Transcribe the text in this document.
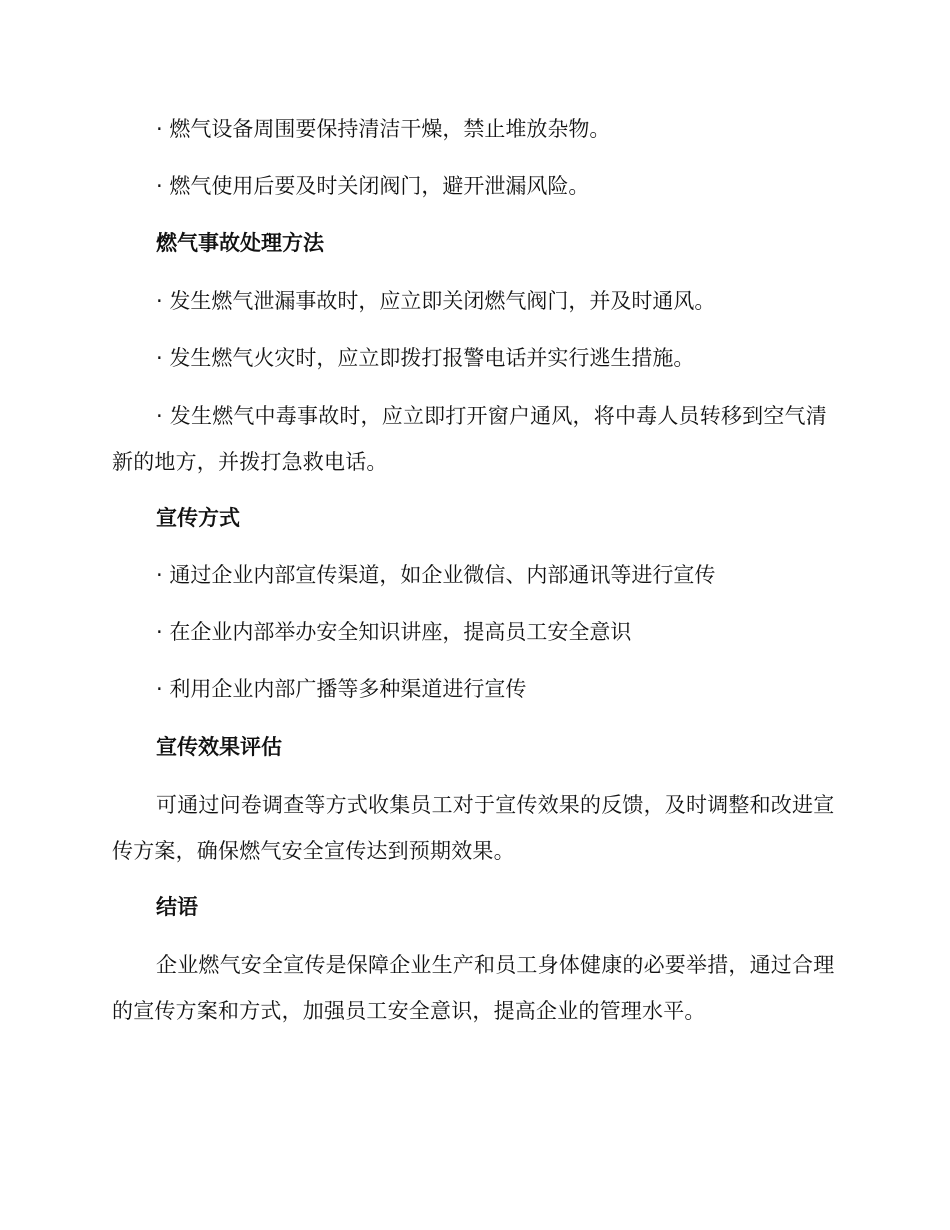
· 燃气设备周围要保持清洁干燥，禁止堆放杂物。
· 燃气使用后要及时关闭阀门，避开泄漏风险。
燃气事故处理方法
· 发生燃气泄漏事故时，应立即关闭燃气阀门，并及时通风。
· 发生燃气火灾时，应立即拨打报警电话并实行逃生措施。
· 发生燃气中毒事故时，应立即打开窗户通风，将中毒人员转移到空气清新的地方，并拨打急救电话。
宣传方式
· 通过企业内部宣传渠道，如企业微信、内部通讯等进行宣传
· 在企业内部举办安全知识讲座，提高员工安全意识
· 利用企业内部广播等多种渠道进行宣传
宣传效果评估
可通过问卷调查等方式收集员工对于宣传效果的反馈，及时调整和改进宣传方案，确保燃气安全宣传达到预期效果。
结语
企业燃气安全宣传是保障企业生产和员工身体健康的必要举措，通过合理的宣传方案和方式，加强员工安全意识，提高企业的管理水平。
